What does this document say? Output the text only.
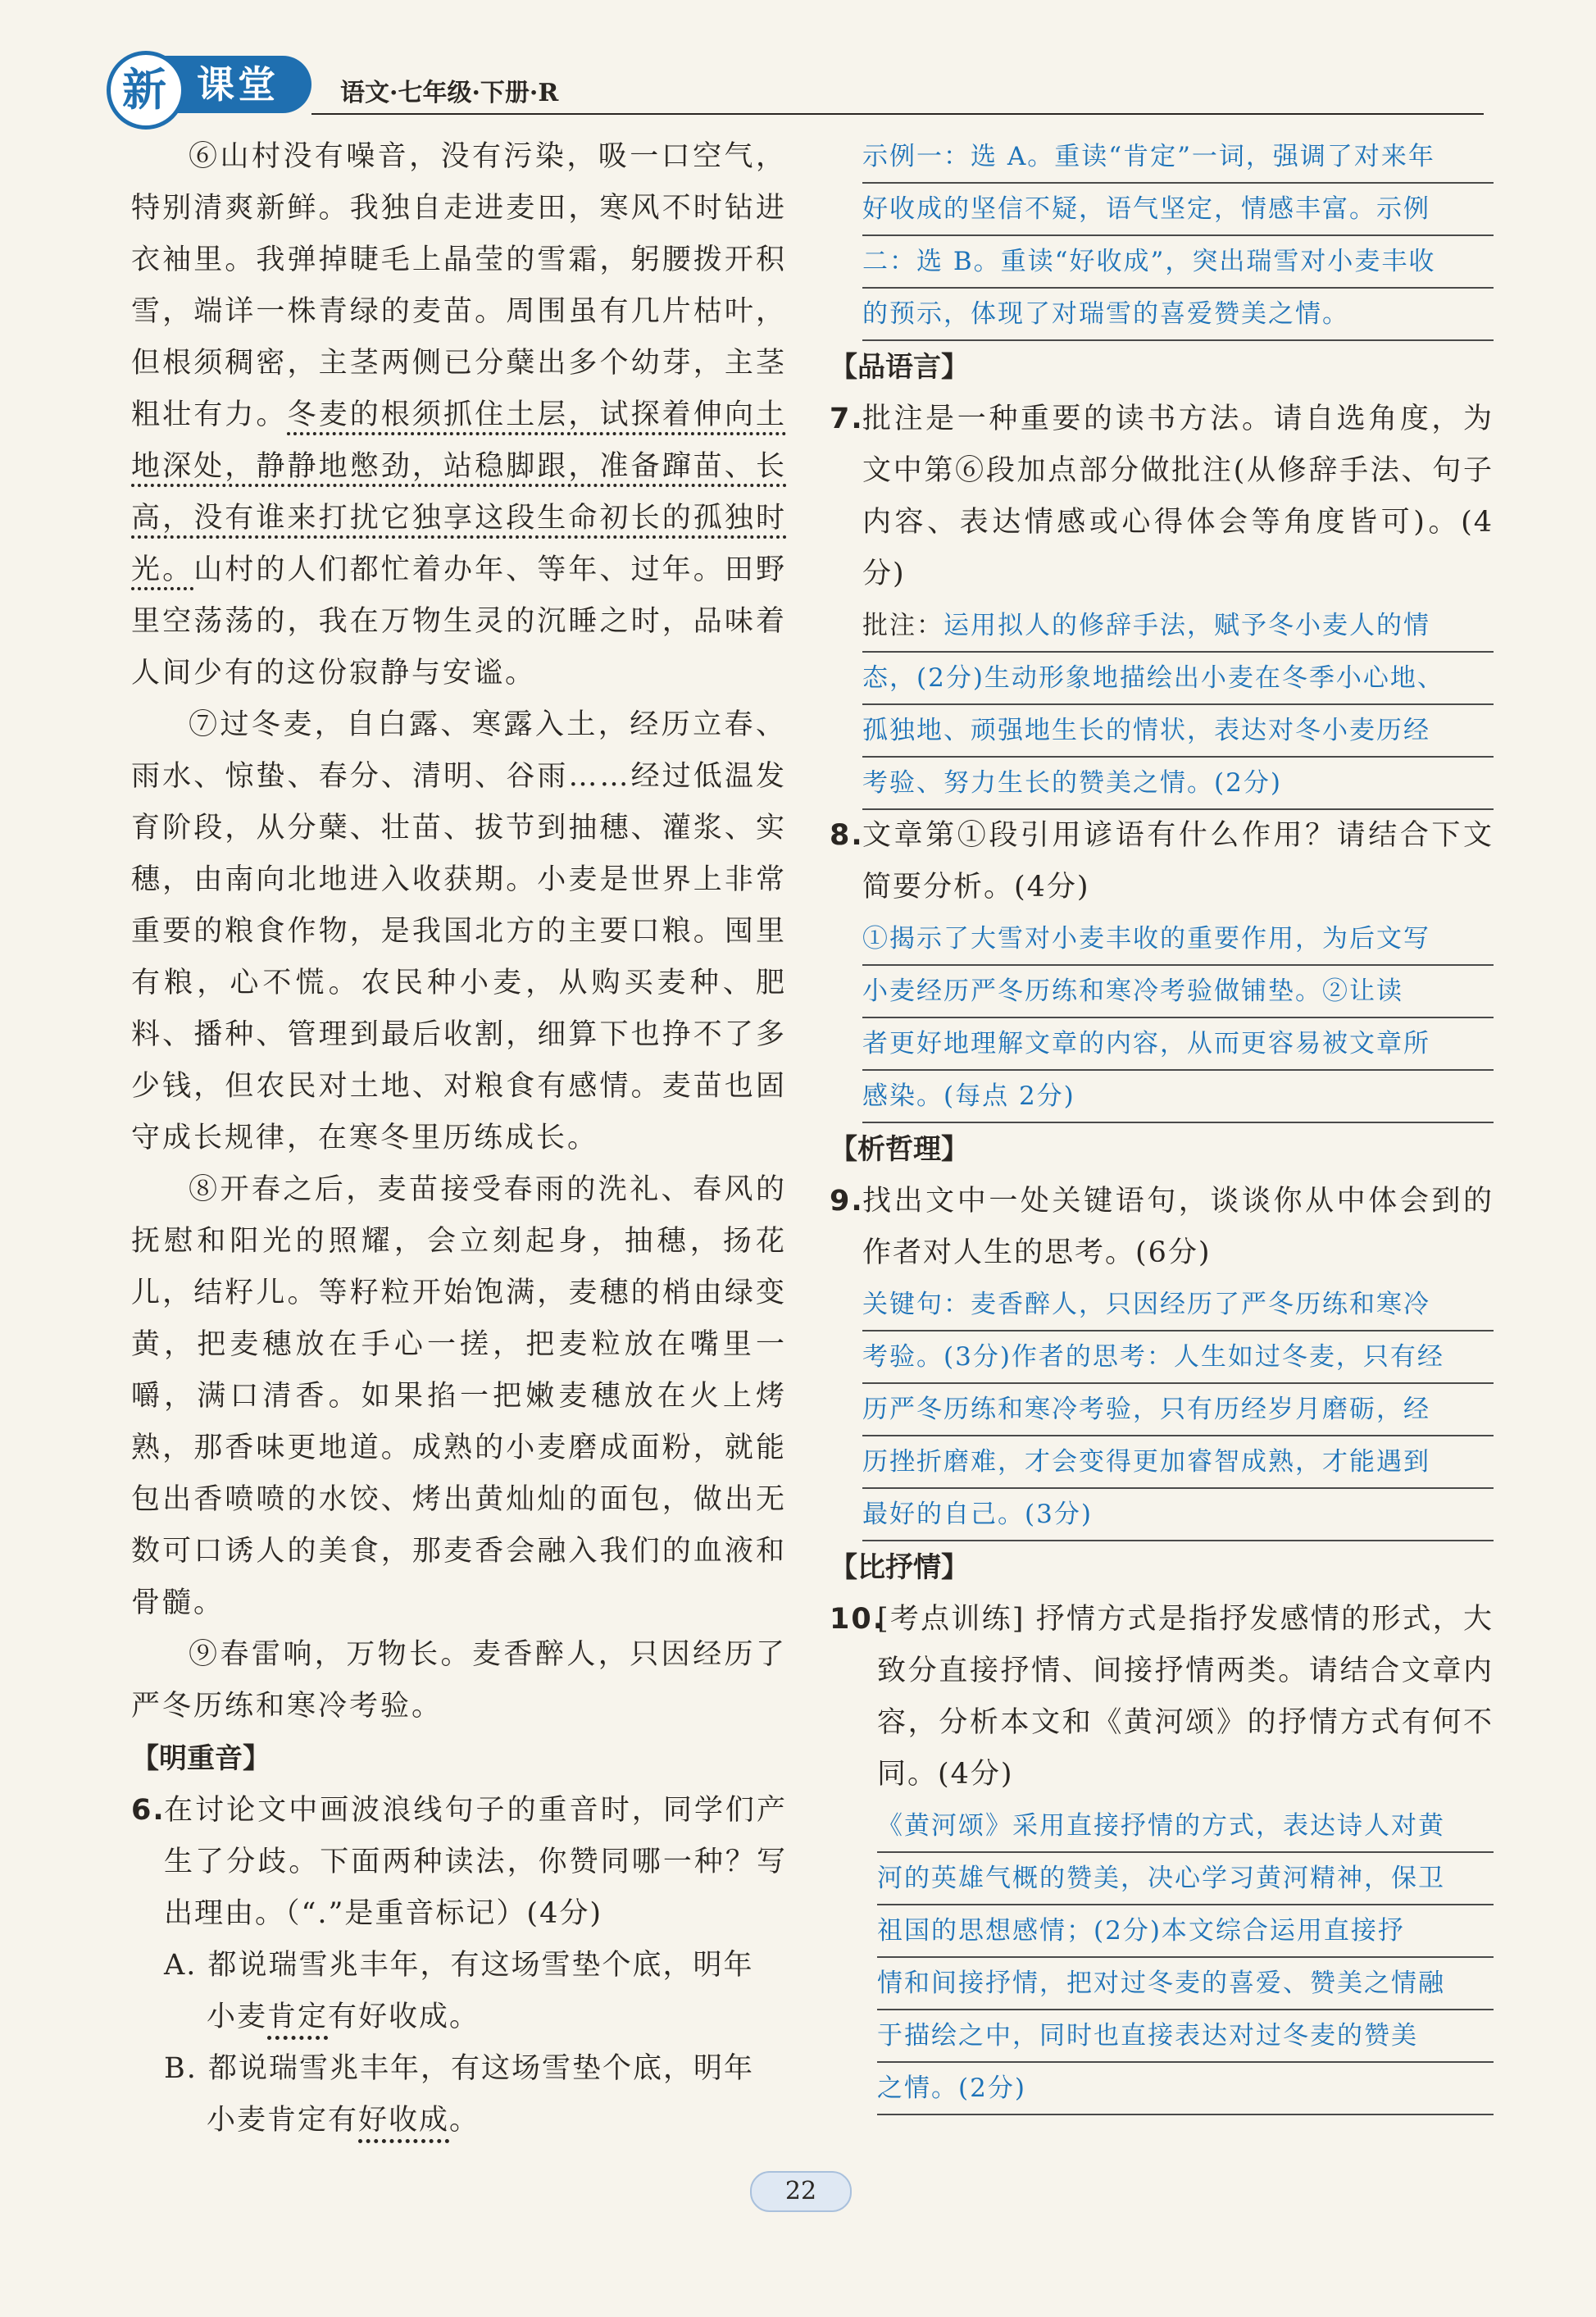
新 课堂	语文·七年级·下册·R

⑥山村没有噪音，没有污染，吸一口空气，特别清爽新鲜。我独自走进麦田，寒风不时钻进衣袖里。我弹掉睫毛上晶莹的雪霜，躬腰拨开积雪，端详一株青绿的麦苗。周围虽有几片枯叶，但根须稠密，主茎两侧已分蘖出多个幼芽，主茎粗壮有力。冬麦的根须抓住土层，试探着伸向土地深处，静静地憋劲，站稳脚跟，准备蹿苗、长高，没有谁来打扰它独享这段生命初长的孤独时光。山村的人们都忙着办年、等年、过年。田野里空荡荡的，我在万物生灵的沉睡之时，品味着人间少有的这份寂静与安谧。

⑦过冬麦，自白露、寒露入土，经历立春、雨水、惊蛰、春分、清明、谷雨……经过低温发育阶段，从分蘖、壮苗、拔节到抽穗、灌浆、实穗，由南向北地进入收获期。小麦是世界上非常重要的粮食作物，是我国北方的主要口粮。囤里有粮，心不慌。农民种小麦，从购买麦种、肥料、播种、管理到最后收割，细算下也挣不了多少钱，但农民对土地、对粮食有感情。麦苗也固守成长规律，在寒冬里历练成长。

⑧开春之后，麦苗接受春雨的洗礼、春风的抚慰和阳光的照耀，会立刻起身，抽穗，扬花儿，结籽儿。等籽粒开始饱满，麦穗的梢由绿变黄，把麦穗放在手心一搓，把麦粒放在嘴里一嚼，满口清香。如果掐一把嫩麦穗放在火上烤熟，那香味更地道。成熟的小麦磨成面粉，就能包出香喷喷的水饺、烤出黄灿灿的面包，做出无数可口诱人的美食，那麦香会融入我们的血液和骨髓。

⑨春雷响，万物长。麦香醉人，只因经历了严冬历练和寒冷考验。

【明重音】
6.
在讨论文中画波浪线句子的重音时，同学们产生了分歧。下面两种读法，你赞同哪一种？写出理由。（“.”是重音标记）(4分)
A. 都说瑞雪兆丰年，有这场雪垫个底，明年
小麦肯定有好收成。
B. 都说瑞雪兆丰年，有这场雪垫个底，明年
小麦肯定有好收成。
示例一：选 A。重读“肯定”一词，强调了对来年
好收成的坚信不疑，语气坚定，情感丰富。示例
二：选 B。重读“好收成”，突出瑞雪对小麦丰收
的预示，体现了对瑞雪的喜爱赞美之情。
【品语言】
7.
批注是一种重要的读书方法。请自选角度，为文中第⑥段加点部分做批注(从修辞手法、句子内容、表达情感或心得体会等角度皆可)。(4分)
批注：运用拟人的修辞手法，赋予冬小麦人的情
态，(2分)生动形象地描绘出小麦在冬季小心地、
孤独地、顽强地生长的情状，表达对冬小麦历经
考验、努力生长的赞美之情。(2分)
8.
文章第①段引用谚语有什么作用？请结合下文简要分析。(4分)
①揭示了大雪对小麦丰收的重要作用，为后文写
小麦经历严冬历练和寒冷考验做铺垫。②让读
者更好地理解文章的内容，从而更容易被文章所
感染。(每点 2分)
【析哲理】
9.
找出文中一处关键语句，谈谈你从中体会到的作者对人生的思考。(6分)
关键句：麦香醉人，只因经历了严冬历练和寒冷
考验。(3分)作者的思考：人生如过冬麦，只有经
历严冬历练和寒冷考验，只有历经岁月磨砺，经
历挫折磨难，才会变得更加睿智成熟，才能遇到
最好的自己。(3分)
【比抒情】
10.
[考点训练] 抒情方式是指抒发感情的形式，大致分直接抒情、间接抒情两类。请结合文章内容，分析本文和《黄河颂》的抒情方式有何不同。(4分)
《黄河颂》采用直接抒情的方式，表达诗人对黄
河的英雄气概的赞美，决心学习黄河精神，保卫
祖国的思想感情；(2分)本文综合运用直接抒
情和间接抒情，把对过冬麦的喜爱、赞美之情融
于描绘之中，同时也直接表达对过冬麦的赞美
之情。(2分)
22
